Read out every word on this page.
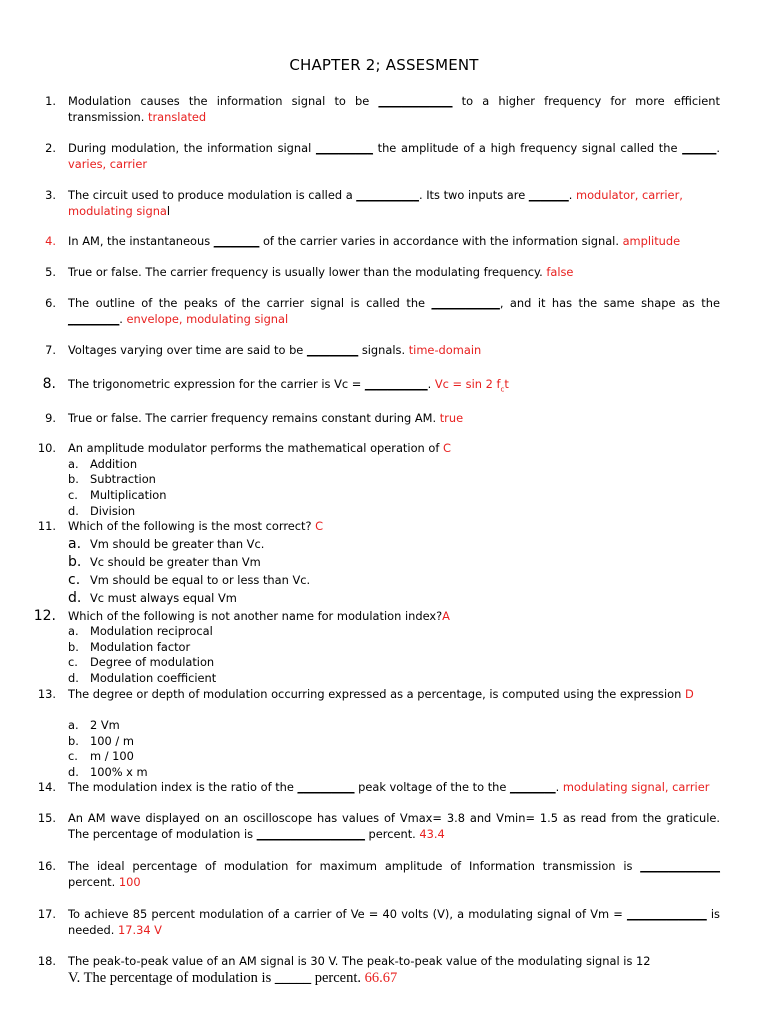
CHAPTER 2; ASSESMENT
1. Modulation causes the information signal to be _____________ to a higher frequency for more efficient transmission. translated
2. During modulation, the information signal __________ the amplitude of a high frequency signal called the ______. varies, carrier
3. The circuit used to produce modulation is called a ___________. Its two inputs are _______. modulator, carrier, modulating signal
4. In AM, the instantaneous ________ of the carrier varies in accordance with the information signal. amplitude
5. True or false. The carrier frequency is usually lower than the modulating frequency. false
6. The outline of the peaks of the carrier signal is called the ____________, and it has the same shape as the _________. envelope, modulating signal
7. Voltages varying over time are said to be _________ signals. time-domain
8. The trigonometric expression for the carrier is Vc = ___________. Vc = sin 2 $f_ct$
9. True or false. The carrier frequency remains constant during AM. true
10. An amplitude modulator performs the mathematical operation of C
a. Addition
b. Subtraction
c. Multiplication
d. Division
11. Which of the following is the most correct? C
a. Vm should be greater than Vc.
b. Vc should be greater than Vm
c. Vm should be equal to or less than Vc.
d. Vc must always equal Vm
12. Which of the following is not another name for modulation index?A
a. Modulation reciprocal
b. Modulation factor
c. Degree of modulation
d. Modulation coefficient
13. The degree or depth of modulation occurring expressed as a percentage, is computed using the expression D
a. 2 Vm
b. 100 / m
c. m / 100
d. 100% x m
14. The modulation index is the ratio of the __________ peak voltage of the to the ________. modulating signal, carrier
15. An AM wave displayed on an oscilloscope has values of Vmax= 3.8 and Vmin= 1.5 as read from the graticule. The percentage of modulation is ___________________ percent. 43.4
16. The ideal percentage of modulation for maximum amplitude of Information transmission is ______________ percent. 100
17. To achieve 85 percent modulation of a carrier of Ve = 40 volts (V), a modulating signal of Vm = ______________ is needed. 17.34 V
18. The peak-to-peak value of an AM signal is 30 V. The peak-to-peak value of the modulating signal is 12
V. The percentage of modulation is _____ percent. 66.67
